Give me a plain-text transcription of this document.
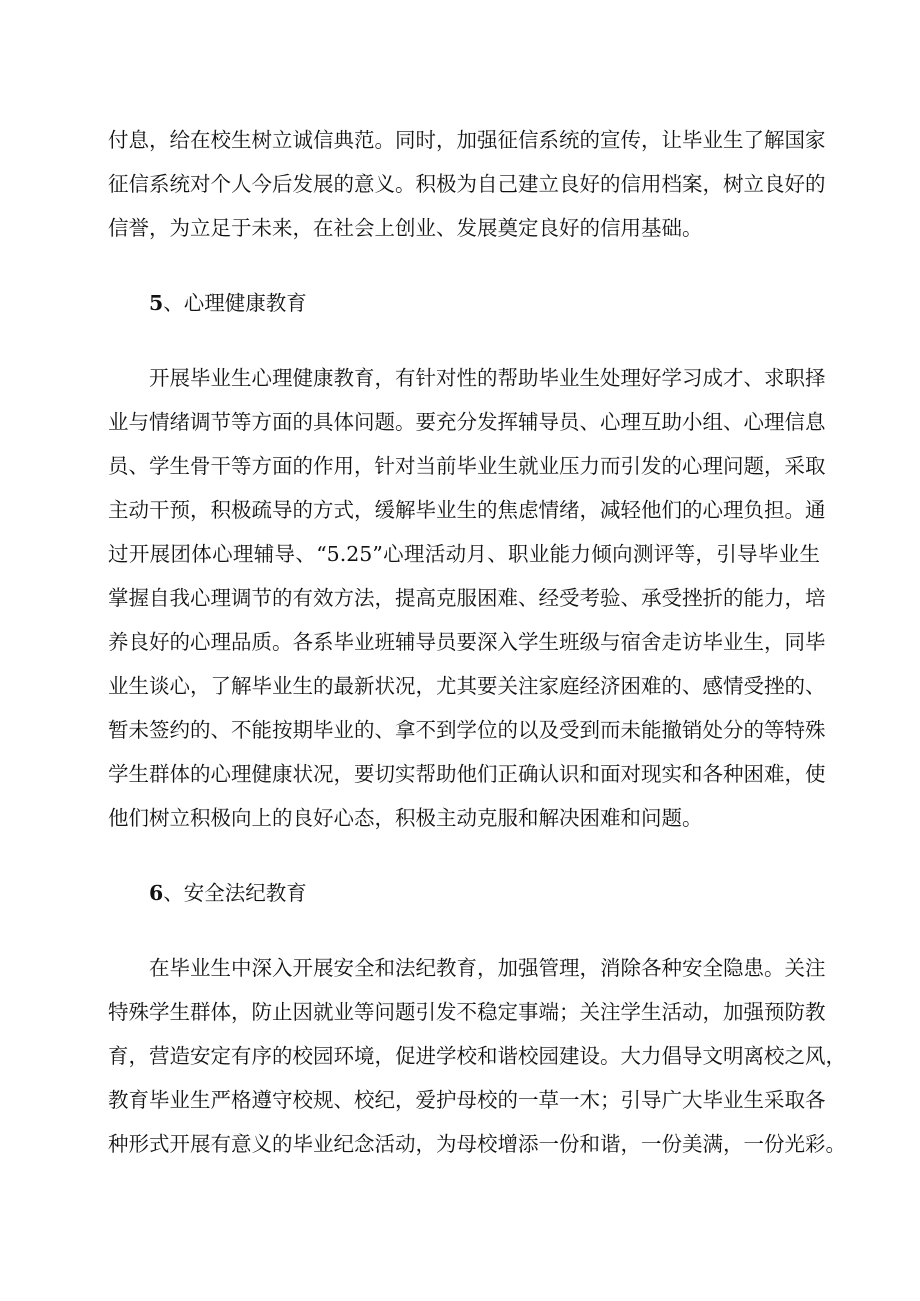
付息，给在校生树立诚信典范。同时，加强征信系统的宣传，让毕业生了解国家
征信系统对个人今后发展的意义。积极为自己建立良好的信用档案，树立良好的
信誉，为立足于未来，在社会上创业、发展奠定良好的信用基础。
5、心理健康教育
开展毕业生心理健康教育，有针对性的帮助毕业生处理好学习成才、求职择
业与情绪调节等方面的具体问题。要充分发挥辅导员、心理互助小组、心理信息
员、学生骨干等方面的作用，针对当前毕业生就业压力而引发的心理问题，采取
主动干预，积极疏导的方式，缓解毕业生的焦虑情绪，减轻他们的心理负担。通
过开展团体心理辅导、“5.25”心理活动月、职业能力倾向测评等，引导毕业生
掌握自我心理调节的有效方法，提高克服困难、经受考验、承受挫折的能力，培
养良好的心理品质。各系毕业班辅导员要深入学生班级与宿舍走访毕业生，同毕
业生谈心，了解毕业生的最新状况，尤其要关注家庭经济困难的、感情受挫的、
暂未签约的、不能按期毕业的、拿不到学位的以及受到而未能撤销处分的等特殊
学生群体的心理健康状况，要切实帮助他们正确认识和面对现实和各种困难，使
他们树立积极向上的良好心态，积极主动克服和解决困难和问题。
6、安全法纪教育
在毕业生中深入开展安全和法纪教育，加强管理，消除各种安全隐患。关注
特殊学生群体，防止因就业等问题引发不稳定事端；关注学生活动，加强预防教
育，营造安定有序的校园环境，促进学校和谐校园建设。大力倡导文明离校之风，
教育毕业生严格遵守校规、校纪，爱护母校的一草一木；引导广大毕业生采取各
种形式开展有意义的毕业纪念活动，为母校增添一份和谐，一份美满，一份光彩。
